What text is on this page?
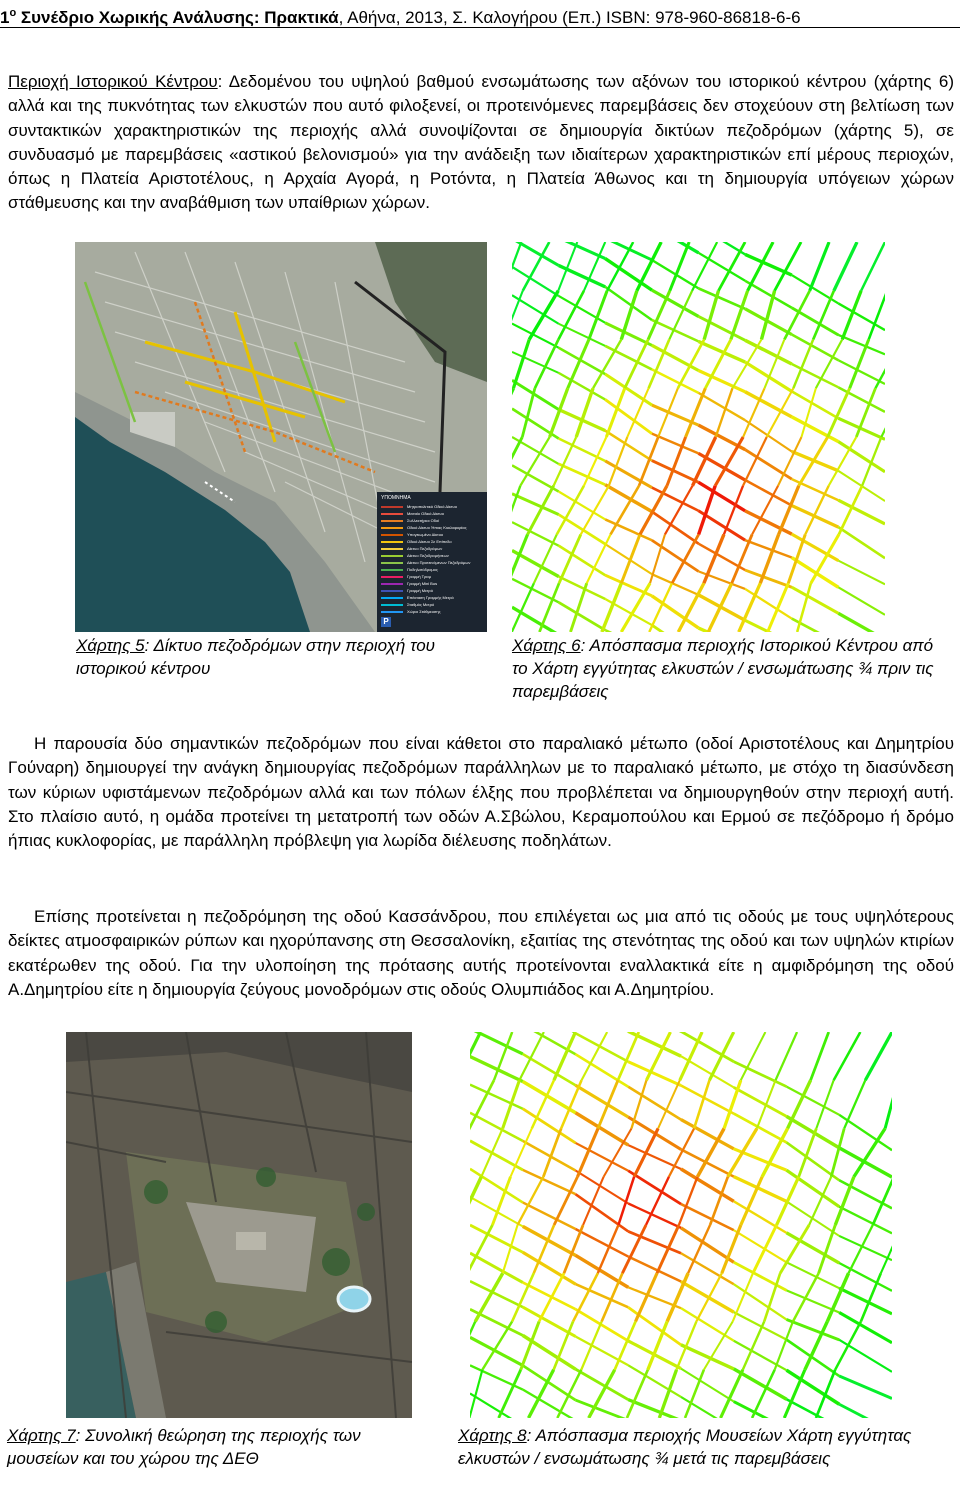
$1^o$ Συνέδριο Χωρικής Ανάλυσης: Πρακτικά, Αθήνα, 2013, Σ. Καλογήρου (Επ.) ISBN: 978-960-86818-6-6
Περιοχή Ιστορικού Κέντρου: Δεδομένου του υψηλού βαθμού ενσωμάτωσης των αξόνων του ιστορικού κέντρου (χάρτης 6) αλλά και της πυκνότητας των ελκυστών που αυτό φιλοξενεί, οι προτεινόμενες παρεμβάσεις δεν στοχεύουν στη βελτίωση των συντακτικών χαρακτηριστικών της περιοχής αλλά συνοψίζονται σε δημιουργία δικτύων πεζοδρόμων (χάρτης 5), σε συνδυασμό με παρεμβάσεις «αστικού βελονισμού» για την ανάδειξη των ιδιαίτερων χαρακτηριστικών επί μέρους περιοχών, όπως η Πλατεία Αριστοτέλους, η Αρχαία Αγορά, η Ροτόντα, η Πλατεία Άθωνος και τη δημιουργία υπόγειων χώρων στάθμευσης και την αναβάθμιση των υπαίθριων χώρων.
ΥΠΟΜΝΗΜΑ
Μητροπολιτικό Οδικό Δίκτυο
Μεσαίο Οδικό Δίκτυο
Συλλεκτήριοι Οδοί
Οδικό Δίκτυο Ήπιας Κυκλοφορίας
Υπογειωμένο Δίκτυο
Οδικό Δίκτυο Σε Επίπεδο
Δίκτυο Πεζοδρόμων
Δίκτυο Πεζοδρομήσεων
Δίκτυο Προτεινόμενων Πεζοδρόμων
Ποδηλατόδρομος
Γραμμή Τραμ
Γραμμή Mini Bus
Γραμμή Μετρό
Επέκταση Γραμμής Μετρό
Σταθμός Μετρό
Χώροι Στάθμευσης
P
Χάρτης 5: Δίκτυο πεζοδρόμων στην περιοχή του ιστορικού κέντρου
Χάρτης 6: Απόσπασμα περιοχής Ιστορικού Κέντρου από το Χάρτη εγγύτητας ελκυστών / ενσωμάτωσης ¾ πριν τις παρεμβάσεις
Η παρουσία δύο σημαντικών πεζοδρόμων που είναι κάθετοι στο παραλιακό μέτωπο (οδοί Αριστοτέλους και Δημητρίου Γούναρη) δημιουργεί την ανάγκη δημιουργίας πεζοδρόμων παράλληλων με το παραλιακό μέτωπο, με στόχο τη διασύνδεση των κύριων υφιστάμενων πεζοδρόμων αλλά και των πόλων έλξης που προβλέπεται να δημιουργηθούν στην περιοχή αυτή. Στο πλαίσιο αυτό, η ομάδα προτείνει τη μετατροπή των οδών Α.Σβώλου, Κεραμοπούλου και Ερμού σε πεζόδρομο ή δρόμο ήπιας κυκλοφορίας, με παράλληλη πρόβλεψη για λωρίδα διέλευσης ποδηλάτων.
Επίσης προτείνεται η πεζοδρόμηση της οδού Κασσάνδρου, που επιλέγεται ως μια από τις οδούς με τους υψηλότερους δείκτες ατμοσφαιρικών ρύπων και ηχορύπανσης στη Θεσσαλονίκη, εξαιτίας της στενότητας της οδού και των υψηλών κτιρίων εκατέρωθεν της οδού. Για την υλοποίηση της πρότασης αυτής προτείνονται εναλλακτικά είτε η αμφιδρόμηση της οδού Α.Δημητρίου είτε η δημιουργία ζεύγους μονοδρόμων στις οδούς Ολυμπιάδος και Α.Δημητρίου.
Χάρτης 7: Συνολική θεώρηση της περιοχής των μουσείων και του χώρου της ΔΕΘ
Χάρτης 8: Απόσπασμα περιοχής Μουσείων Χάρτη εγγύτητας ελκυστών / ενσωμάτωσης ¾ μετά τις παρεμβάσεις
